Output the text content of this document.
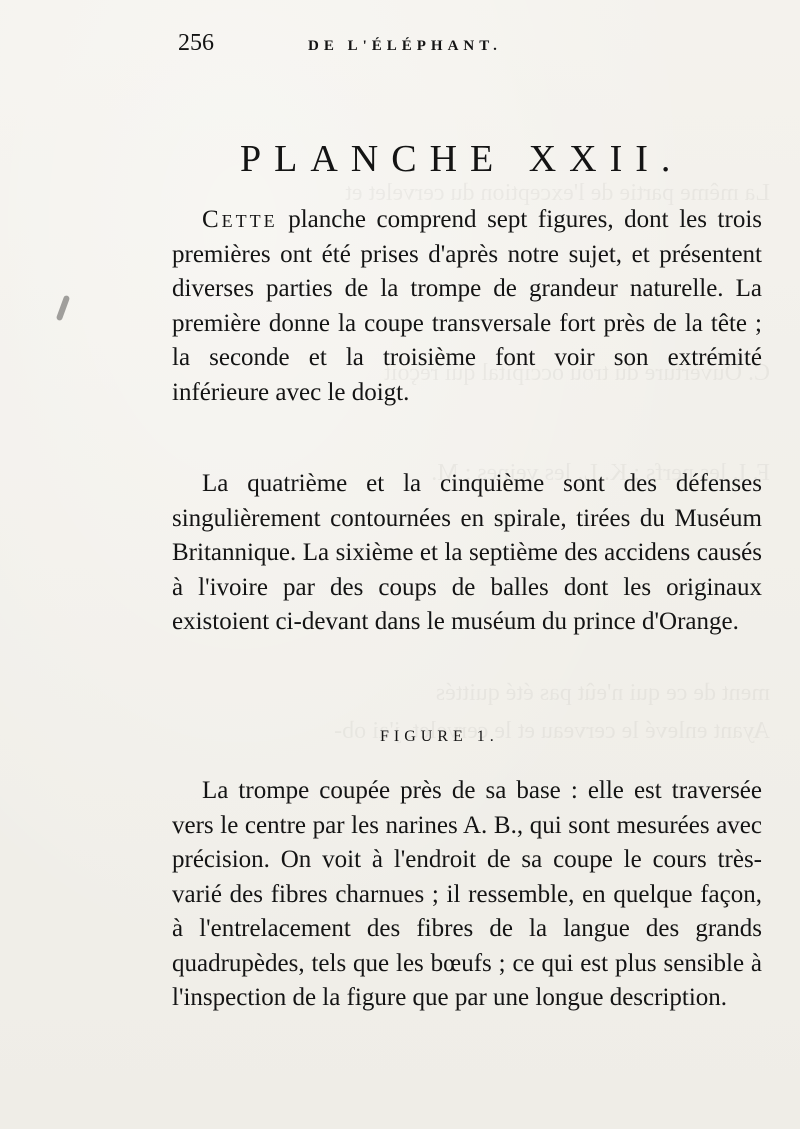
256	DE L'ÉLÉPHANT.
PLANCHE XXII.

Cette planche comprend sept figures, dont les trois premières ont été prises d'après notre sujet, et présentent diverses parties de la trompe de grandeur naturelle. La première donne la coupe transversale fort près de la tête ; la seconde et la troisième font voir son extrémité inférieure avec le doigt.

La quatrième et la cinquième sont des défenses singulièrement contournées en spirale, tirées du Muséum Britannique. La sixième et la septième des accidens causés à l'ivoire par des coups de balles dont les originaux existoient ci-devant dans le muséum du prince d'Orange.

FIGURE 1.

La trompe coupée près de sa base : elle est traversée vers le centre par les narines A. B., qui sont mesurées avec précision. On voit à l'endroit de sa coupe le cours très-varié des fibres charnues ; il ressemble, en quelque façon, à l'entrelacement des fibres de la langue des grands quadrupèdes, tels que les bœufs ; ce qui est plus sensible à l'inspection de la figure que par une longue description.
